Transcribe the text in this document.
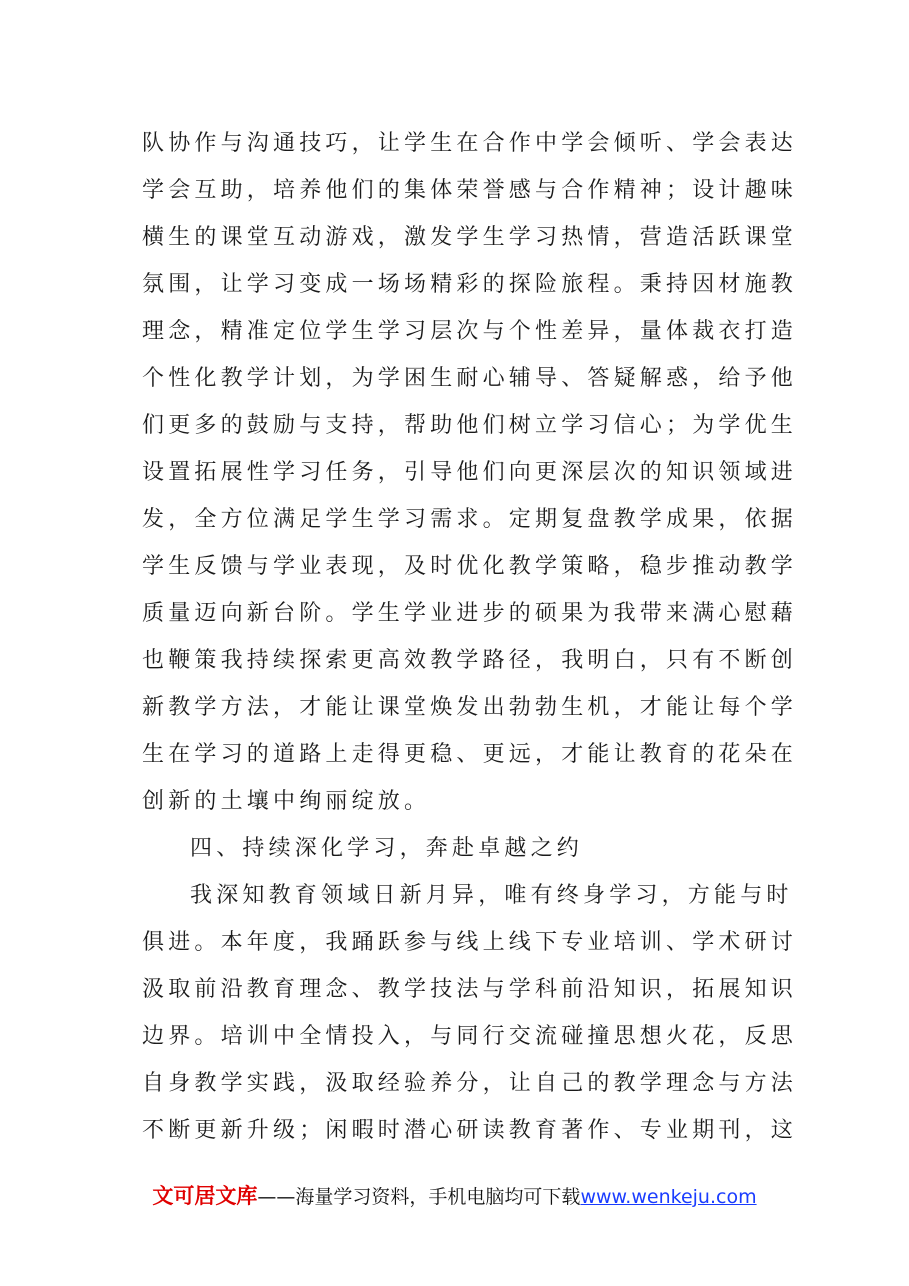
队协作与沟通技巧，让学生在合作中学会倾听、学会表达
学会互助，培养他们的集体荣誉感与合作精神；设计趣味
横生的课堂互动游戏，激发学生学习热情，营造活跃课堂
氛围，让学习变成一场场精彩的探险旅程。秉持因材施教
理念，精准定位学生学习层次与个性差异，量体裁衣打造
个性化教学计划，为学困生耐心辅导、答疑解惑，给予他
们更多的鼓励与支持，帮助他们树立学习信心；为学优生
设置拓展性学习任务，引导他们向更深层次的知识领域进
发，全方位满足学生学习需求。定期复盘教学成果，依据
学生反馈与学业表现，及时优化教学策略，稳步推动教学
质量迈向新台阶。学生学业进步的硕果为我带来满心慰藉
也鞭策我持续探索更高效教学路径，我明白，只有不断创
新教学方法，才能让课堂焕发出勃勃生机，才能让每个学
生在学习的道路上走得更稳、更远，才能让教育的花朵在
创新的土壤中绚丽绽放。
四、持续深化学习，奔赴卓越之约
我深知教育领域日新月异，唯有终身学习，方能与时
俱进。本年度，我踊跃参与线上线下专业培训、学术研讨
汲取前沿教育理念、教学技法与学科前沿知识，拓展知识
边界。培训中全情投入，与同行交流碰撞思想火花，反思
自身教学实践，汲取经验养分，让自己的教学理念与方法
不断更新升级；闲暇时潜心研读教育著作、专业期刊，这
文可居文库——海量学习资料，手机电脑均可下载www.wenkeju.com
